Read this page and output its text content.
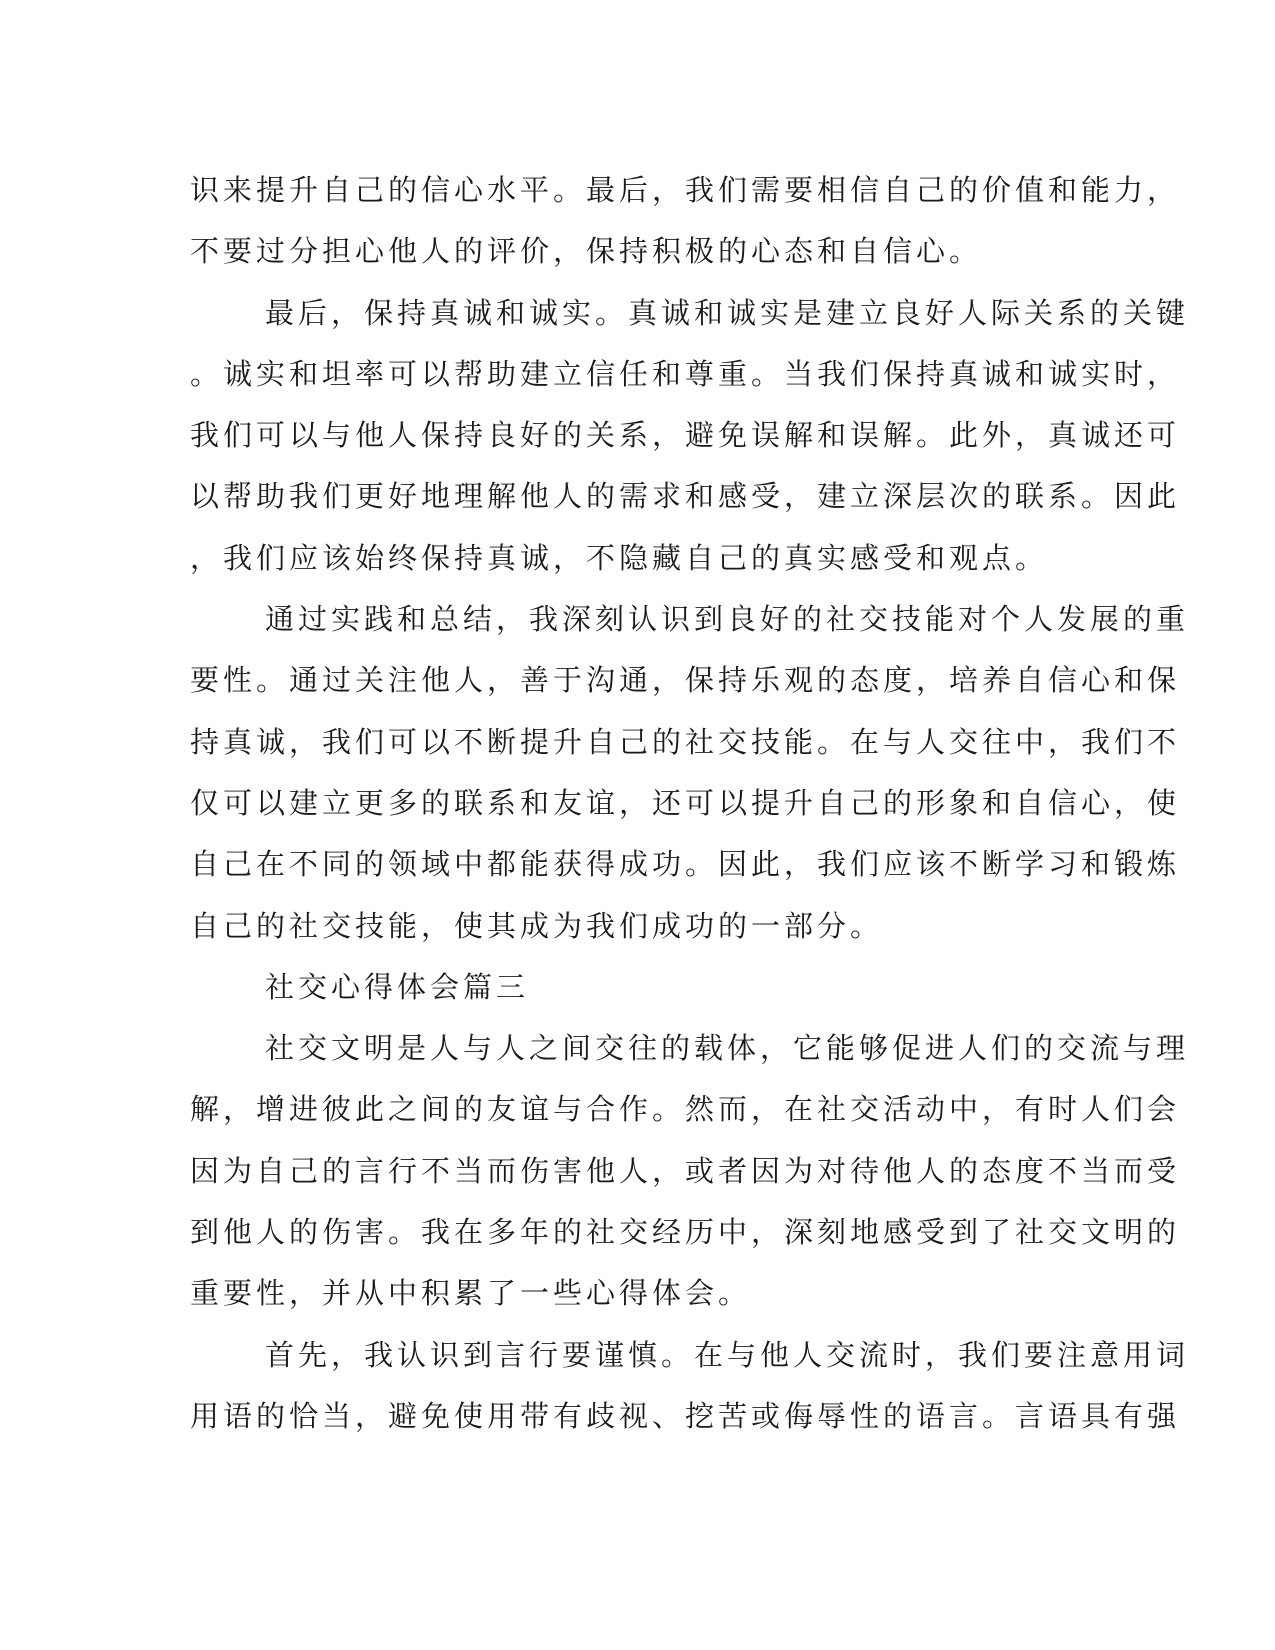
识来提升自己的信心水平。最后，我们需要相信自己的价值和能力，
不要过分担心他人的评价，保持积极的心态和自信心。
最后，保持真诚和诚实。真诚和诚实是建立良好人际关系的关键
。诚实和坦率可以帮助建立信任和尊重。当我们保持真诚和诚实时，
我们可以与他人保持良好的关系，避免误解和误解。此外，真诚还可
以帮助我们更好地理解他人的需求和感受，建立深层次的联系。因此
，我们应该始终保持真诚，不隐藏自己的真实感受和观点。
通过实践和总结，我深刻认识到良好的社交技能对个人发展的重
要性。通过关注他人，善于沟通，保持乐观的态度，培养自信心和保
持真诚，我们可以不断提升自己的社交技能。在与人交往中，我们不
仅可以建立更多的联系和友谊，还可以提升自己的形象和自信心，使
自己在不同的领域中都能获得成功。因此，我们应该不断学习和锻炼
自己的社交技能，使其成为我们成功的一部分。
社交心得体会篇三
社交文明是人与人之间交往的载体，它能够促进人们的交流与理
解，增进彼此之间的友谊与合作。然而，在社交活动中，有时人们会
因为自己的言行不当而伤害他人，或者因为对待他人的态度不当而受
到他人的伤害。我在多年的社交经历中，深刻地感受到了社交文明的
重要性，并从中积累了一些心得体会。
首先，我认识到言行要谨慎。在与他人交流时，我们要注意用词
用语的恰当，避免使用带有歧视、挖苦或侮辱性的语言。言语具有强
